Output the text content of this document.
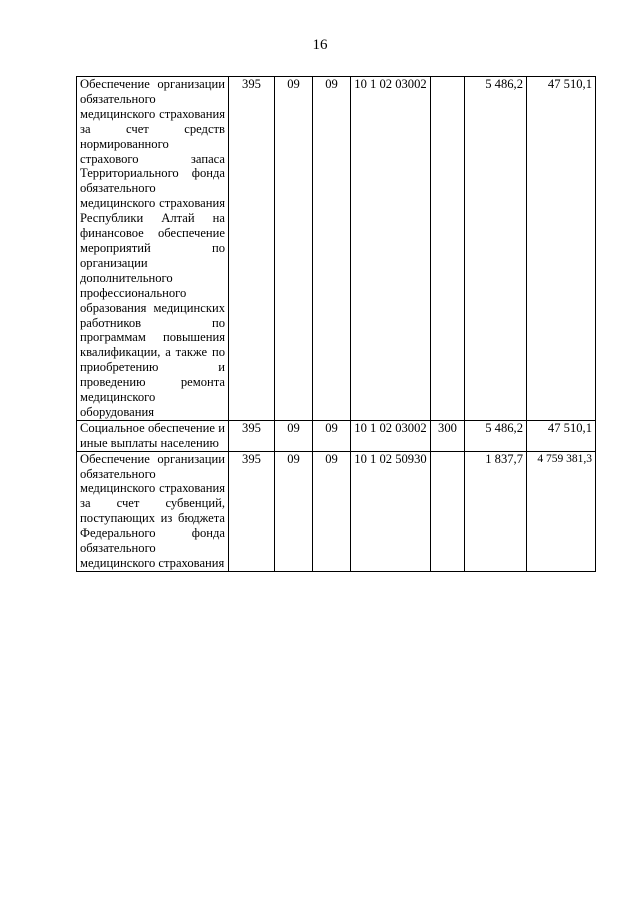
16
Обеспечение организации обязательного медицинского страхования за счет средств нормированного страхового запаса Территориального фонда обязательного медицинского страхования Республики Алтай на финансовое обеспечение мероприятий по организации дополнительного профессионального образования медицинских работников по программам повышения квалификации, а также по приобретению и проведению ремонта медицинского оборудования	395	09	09	10 1 02 03002		5 486,2	47 510,1
Социальное обеспечение и иные выплаты населению	395	09	09	10 1 02 03002	300	5 486,2	47 510,1
Обеспечение организации обязательного медицинского страхования за счет субвенций, поступающих из бюджета Федерального фонда обязательного медицинского страхования	395	09	09	10 1 02 50930		1 837,7	4 759 381,3
